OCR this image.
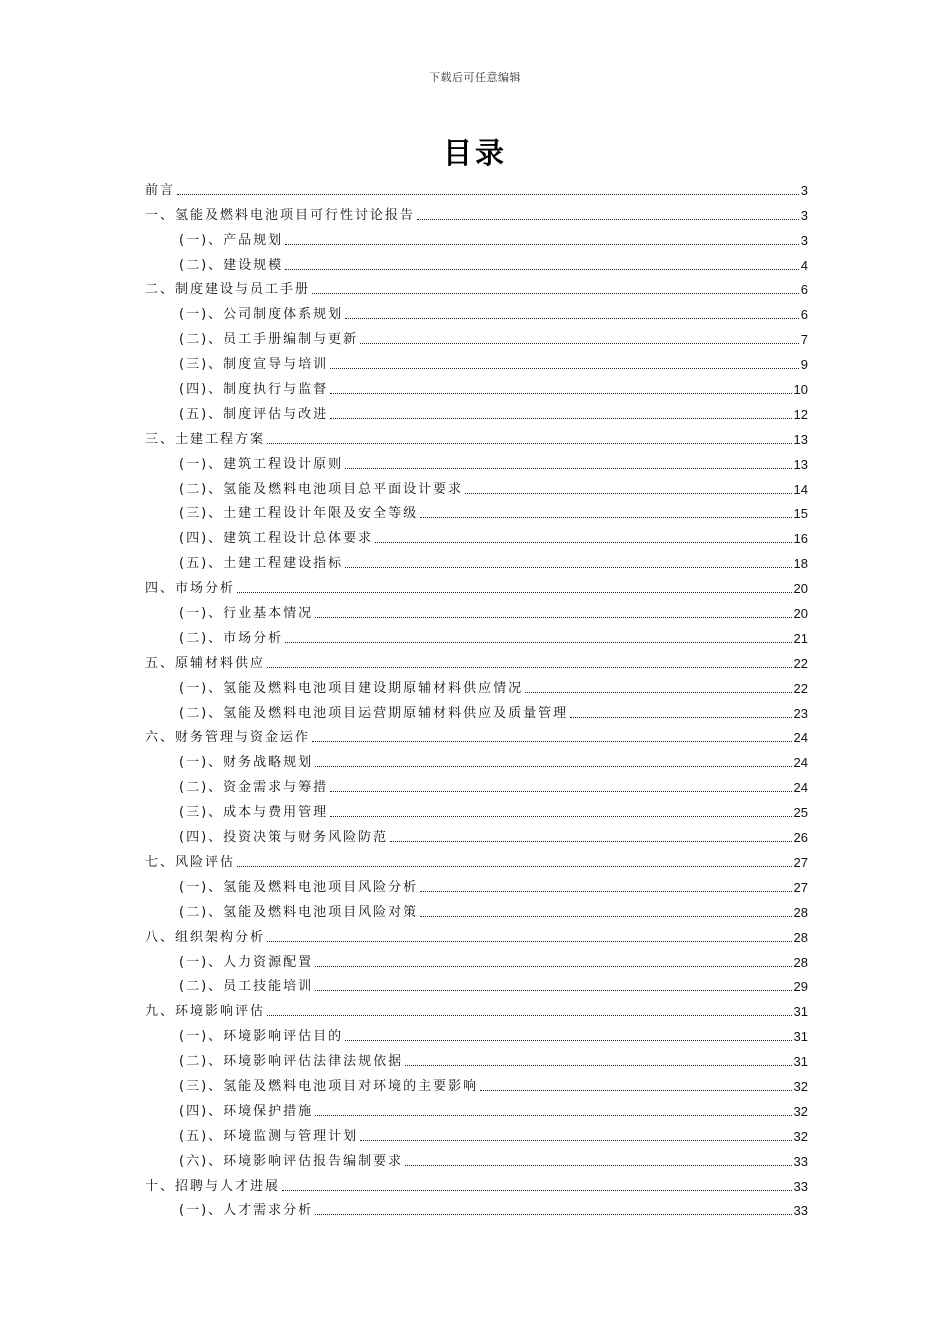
下载后可任意编辑
目录
前言	3
一、氢能及燃料电池项目可行性讨论报告	3
(一)、产品规划	3
(二)、建设规模	4
二、制度建设与员工手册	6
(一)、公司制度体系规划	6
(二)、员工手册编制与更新	7
(三)、制度宣导与培训	9
(四)、制度执行与监督	10
(五)、制度评估与改进	12
三、土建工程方案	13
(一)、建筑工程设计原则	13
(二)、氢能及燃料电池项目总平面设计要求	14
(三)、土建工程设计年限及安全等级	15
(四)、建筑工程设计总体要求	16
(五)、土建工程建设指标	18
四、市场分析	20
(一)、行业基本情况	20
(二)、市场分析	21
五、原辅材料供应	22
(一)、氢能及燃料电池项目建设期原辅材料供应情况	22
(二)、氢能及燃料电池项目运营期原辅材料供应及质量管理	23
六、财务管理与资金运作	24
(一)、财务战略规划	24
(二)、资金需求与筹措	24
(三)、成本与费用管理	25
(四)、投资决策与财务风险防范	26
七、风险评估	27
(一)、氢能及燃料电池项目风险分析	27
(二)、氢能及燃料电池项目风险对策	28
八、组织架构分析	28
(一)、人力资源配置	28
(二)、员工技能培训	29
九、环境影响评估	31
(一)、环境影响评估目的	31
(二)、环境影响评估法律法规依据	31
(三)、氢能及燃料电池项目对环境的主要影响	32
(四)、环境保护措施	32
(五)、环境监测与管理计划	32
(六)、环境影响评估报告编制要求	33
十、招聘与人才进展	33
(一)、人才需求分析	33
